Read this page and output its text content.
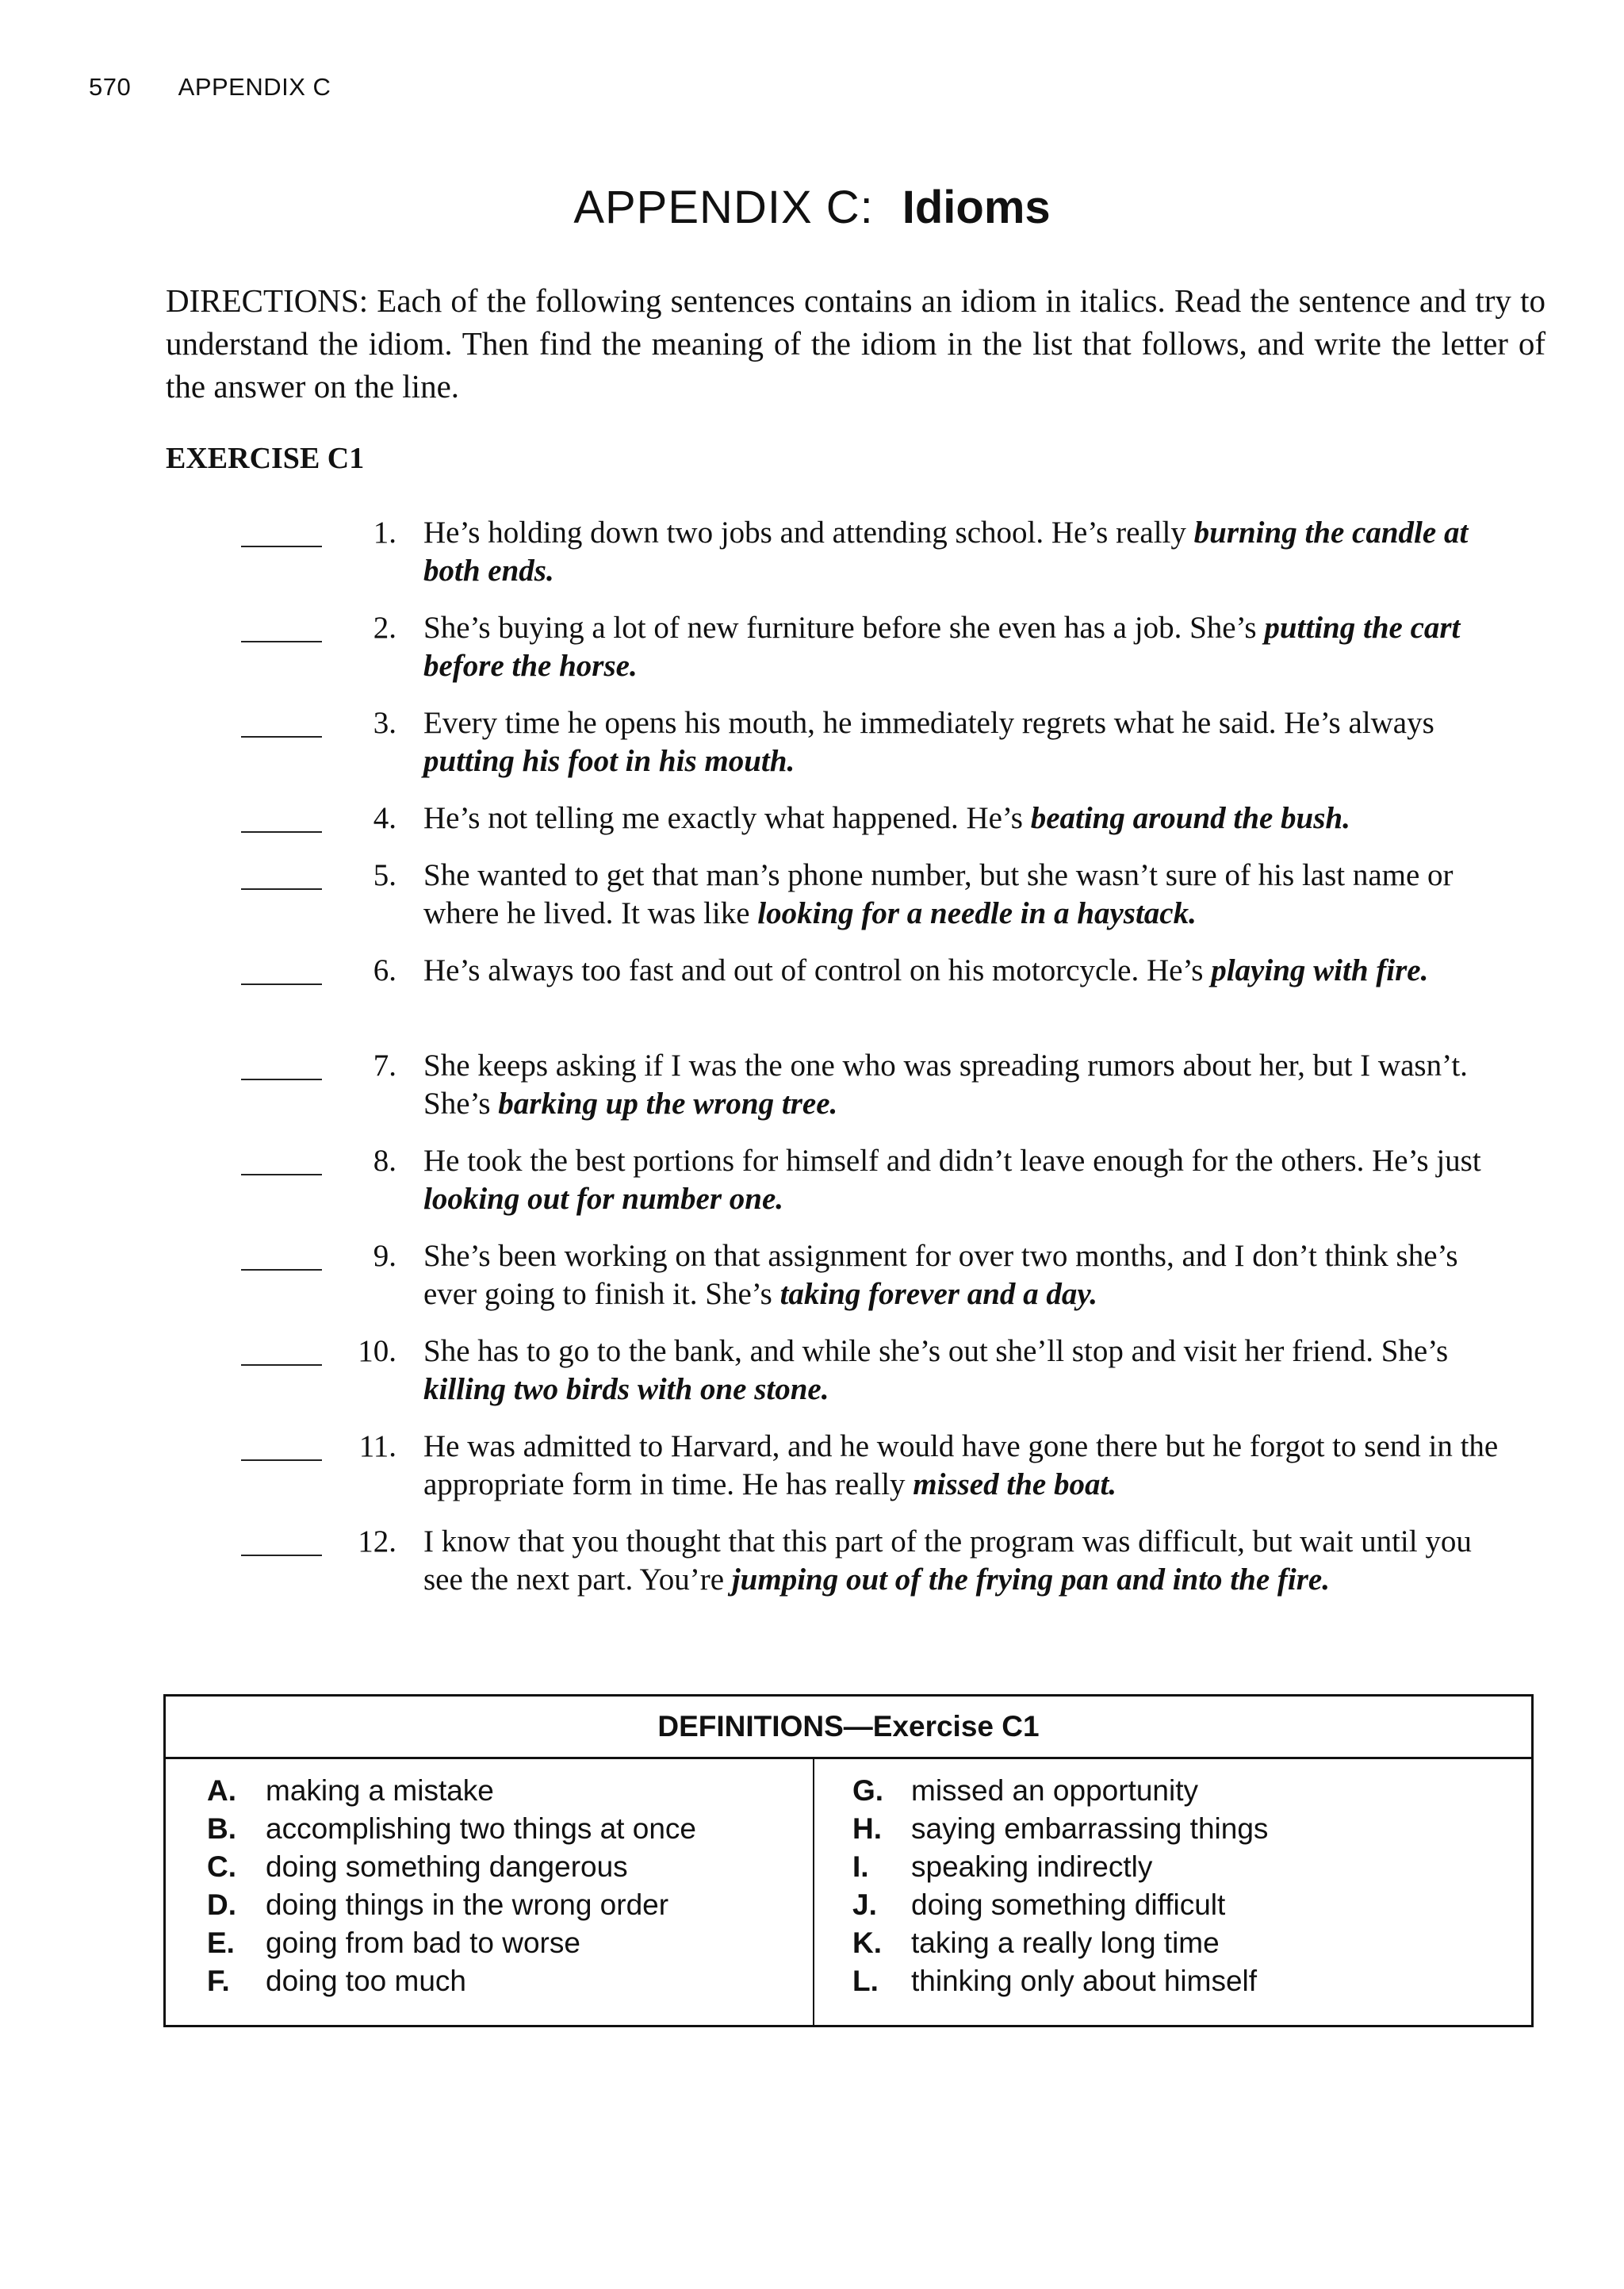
570 APPENDIX C
APPENDIX C: Idioms
DIRECTIONS: Each of the following sentences contains an idiom in italics. Read the sentence and try to understand the idiom. Then find the meaning of the idiom in the list that follows, and write the letter of the answer on the line.
EXERCISE C1
1. He’s holding down two jobs and attending school. He’s really burning the candle at both ends.
2. She’s buying a lot of new furniture before she even has a job. She’s putting the cart before the horse.
3. Every time he opens his mouth, he immediately regrets what he said. He’s always putting his foot in his mouth.
4. He’s not telling me exactly what happened. He’s beating around the bush.
5. She wanted to get that man’s phone number, but she wasn’t sure of his last name or where he lived. It was like looking for a needle in a haystack.
6. He’s always too fast and out of control on his motorcycle. He’s playing with fire.
7. She keeps asking if I was the one who was spreading rumors about her, but I wasn’t. She’s barking up the wrong tree.
8. He took the best portions for himself and didn’t leave enough for the others. He’s just looking out for number one.
9. She’s been working on that assignment for over two months, and I don’t think she’s ever going to finish it. She’s taking forever and a day.
10. She has to go to the bank, and while she’s out she’ll stop and visit her friend. She’s killing two birds with one stone.
11. He was admitted to Harvard, and he would have gone there but he forgot to send in the appropriate form in time. He has really missed the boat.
12. I know that you thought that this part of the program was difficult, but wait until you see the next part. You’re jumping out of the frying pan and into the fire.
DEFINITIONS—Exercise C1
A. making a mistake
B. accomplishing two things at once
C. doing something dangerous
D. doing things in the wrong order
E. going from bad to worse
F. doing too much
G. missed an opportunity
H. saying embarrassing things
I. speaking indirectly
J. doing something difficult
K. taking a really long time
L. thinking only about himself
